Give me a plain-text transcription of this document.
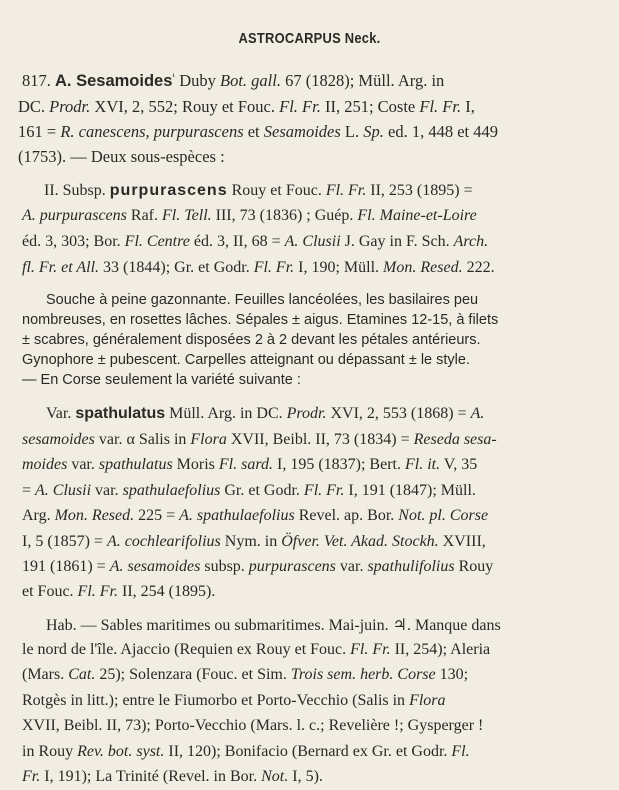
ASTROCARPUS Neck.
817. A. Sesamoides$^{^1}$ Duby Bot. gall. 67 (1828); Müll. Arg. in
DC. Prodr. XVI, 2, 552; Rouy et Fouc. Fl. Fr. II, 251; Coste Fl. Fr. I,
161 = R. canescens, purpurascens et Sesamoides L. Sp. ed. 1, 448 et 449
(1753). — Deux sous-espèces :
II. Subsp. purpurascens Rouy et Fouc. Fl. Fr. II, 253 (1895) =
A. purpurascens Raf. Fl. Tell. III, 73 (1836) ; Guép. Fl. Maine-et-Loire
éd. 3, 303; Bor. Fl. Centre éd. 3, II, 68 = A. Clusii J. Gay in F. Sch. Arch.
fl. Fr. et All. 33 (1844); Gr. et Godr. Fl. Fr. I, 190; Müll. Mon. Resed. 222.
Souche à peine gazonnante. Feuilles lancéolées, les basilaires peu
nombreuses, en rosettes lâches. Sépales ± aigus. Etamines 12-15, à filets
± scabres, généralement disposées 2 à 2 devant les pétales antérieurs.
Gynophore ± pubescent. Carpelles atteignant ou dépassant ± le style.
— En Corse seulement la variété suivante :
Var. spathulatus Müll. Arg. in DC. Prodr. XVI, 2, 553 (1868) = A.
sesamoides var. α Salis in Flora XVII, Beibl. II, 73 (1834) = Reseda sesa-
moides var. spathulatus Moris Fl. sard. I, 195 (1837); Bert. Fl. it. V, 35
= A. Clusii var. spathulaefolius Gr. et Godr. Fl. Fr. I, 191 (1847); Müll.
Arg. Mon. Resed. 225 = A. spathulaefolius Revel. ap. Bor. Not. pl. Corse
I, 5 (1857) = A. cochlearifolius Nym. in Öfver. Vet. Akad. Stockh. XVIII,
191 (1861) = A. sesamoides subsp. purpurascens var. spathulifolius Rouy
et Fouc. Fl. Fr. II, 254 (1895).
Hab. — Sables maritimes ou submaritimes. Mai-juin. ♃. Manque dans
le nord de l'île. Ajaccio (Requien ex Rouy et Fouc. Fl. Fr. II, 254); Aleria
(Mars. Cat. 25); Solenzara (Fouc. et Sim. Trois sem. herb. Corse 130;
Rotgès in litt.); entre le Fiumorbo et Porto-Vecchio (Salis in Flora
XVII, Beibl. II, 73); Porto-Vecchio (Mars. l. c.; Revelière !; Gysperger !
in Rouy Rev. bot. syst. II, 120); Bonifacio (Bernard ex Gr. et Godr. Fl.
Fr. I, 191); La Trinité (Revel. in Bor. Not. I, 5).
